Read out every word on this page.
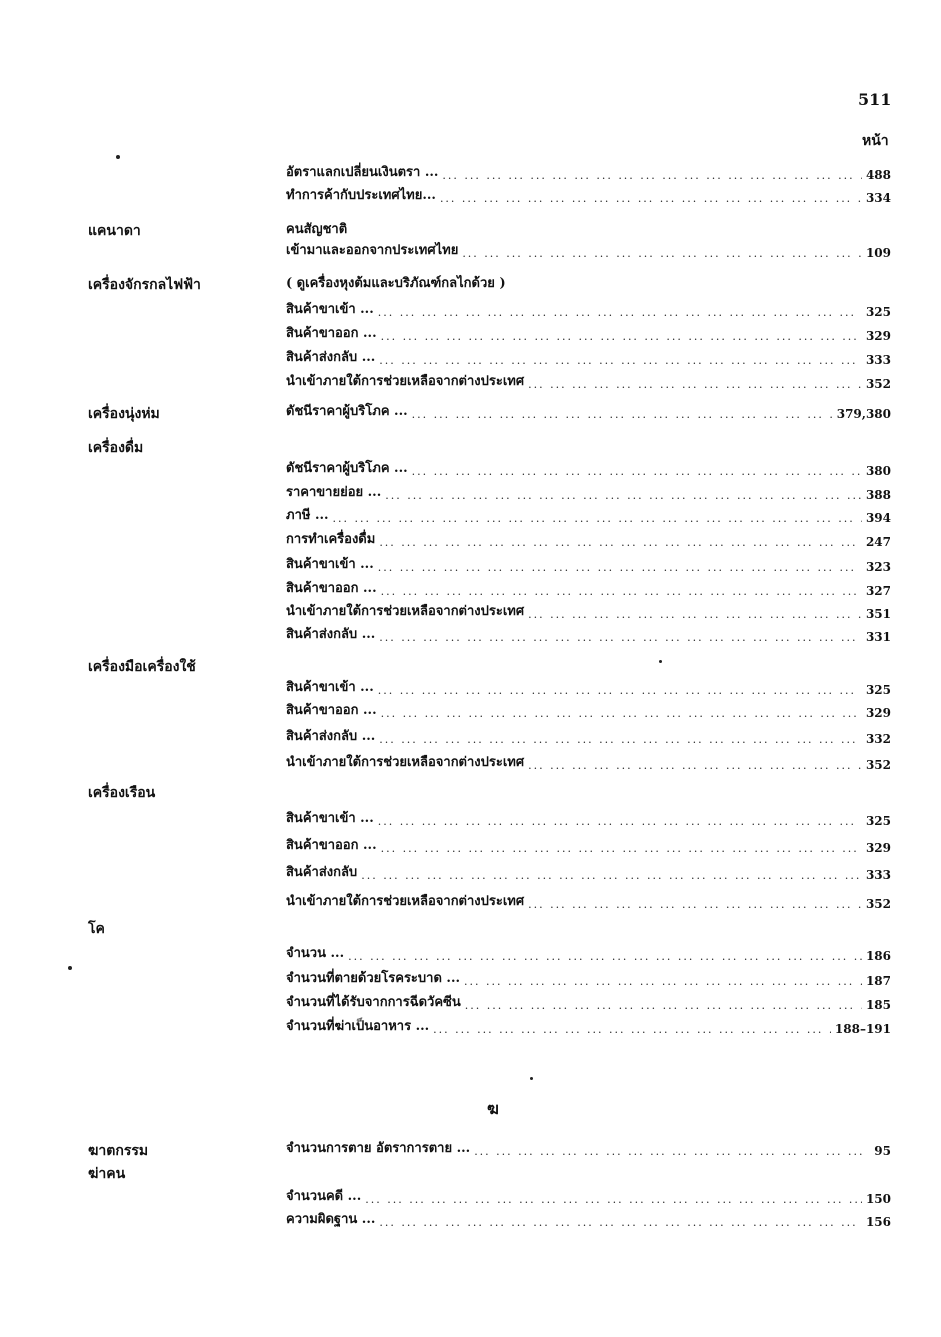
511
หน้า
อัตราแลกเปลี่ยนเงินตรา ... ... .	488
ทำการค้ากับประเทศไทย... ... .	334
แคนาดา	คนสัญชาติ
เข้ามาและออกจากประเทศไทย ... .	109
เครื่องจักรกลไฟฟ้า	( ดูเครื่องหุงต้มและบริภัณฑ์กลไกด้วย )
สินค้าขาเข้า ... ... .	325
สินค้าขาออก ... ... .	329
สินค้าส่งกลับ ... ... .	333
นำเข้าภายใต้การช่วยเหลือจากต่างประเทศ ... .	352
เครื่องนุ่งห่ม	ดัชนีราคาผู้บริโภค ... ... .	379,380
เครื่องดื่ม
ดัชนีราคาผู้บริโภค ... ... .	380
ราคาขายย่อย ... ... .	388
ภาษี ... ... .	394
การทำเครื่องดื่ม ... .	247
สินค้าขาเข้า ... ... .	323
สินค้าขาออก ... ... .	327
นำเข้าภายใต้การช่วยเหลือจากต่างประเทศ ... .	351
สินค้าส่งกลับ ... ... .	331
เครื่องมือเครื่องใช้
สินค้าขาเข้า ... ... .	325
สินค้าขาออก ... ... .	329
สินค้าส่งกลับ ... ... .	332
นำเข้าภายใต้การช่วยเหลือจากต่างประเทศ ... .	352
เครื่องเรือน
สินค้าขาเข้า ... ... .	325
สินค้าขาออก ... ... .	329
สินค้าส่งกลับ ... .	333
นำเข้าภายใต้การช่วยเหลือจากต่างประเทศ ... .	352
โค
จำนวน ... ... .	186
จำนวนที่ตายด้วยโรคระบาด ... ... .	187
จำนวนที่ได้รับจากการฉีดวัคซีน ... .	185
จำนวนที่ฆ่าเป็นอาหาร ... ... .	188–191
ฆ
ฆาตกรรม	จำนวนการตาย อัตราการตาย ... ... .	95
ฆ่าคน
จำนวนคดี ... ... .	150
ความผิดฐาน ... ... .	156
